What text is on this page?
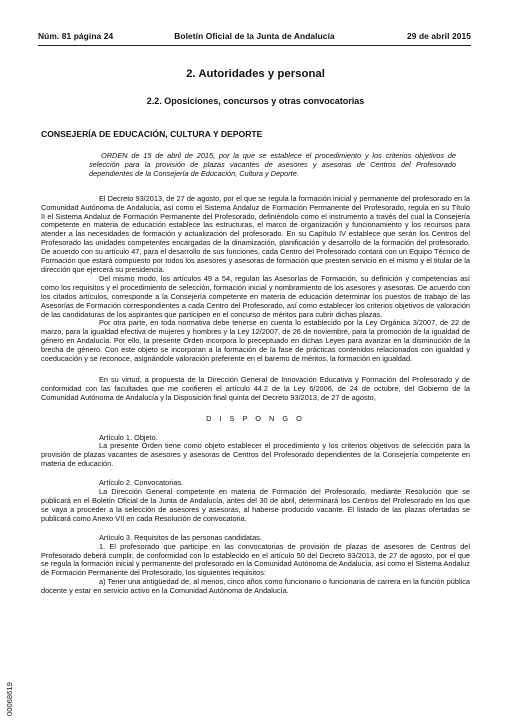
Núm. 81 página 24	Boletín Oficial de la Junta de Andalucía	29 de abril 2015
2. Autoridades y personal
2.2. Oposiciones, concursos y otras convocatorias
CONSEJERÍA DE EDUCACIÓN, CULTURA Y DEPORTE

ORDEN de 15 de abril de 2015, por la que se establece el procedimiento y los criterios objetivos de selección para la provisión de plazas vacantes de asesores y asesoras de Centros del Profesorado dependientes de la Consejería de Educación, Cultura y Deporte.

El Decreto 93/2013, de 27 de agosto, por el que se regula la formación inicial y permanente del profesorado en la Comunidad Autónoma de Andalucía, así como el Sistema Andaluz de Formación Permanente del Profesorado, regula en su Título II el Sistema Andaluz de Formación Permanente del Profesorado, definiéndolo como el instrumento a través del cual la Consejería competente en materia de educación establece las estructuras, el marco de organización y funcionamiento y los recursos para atender a las necesidades de formación y actualización del profesorado. En su Capítulo IV establece que serán los Centros del Profesorado las unidades competentes encargadas de la dinamización, planificación y desarrollo de la formación del profesorado. De acuerdo con su artículo 47, para el desarrollo de sus funciones, cada Centro del Profesorado contará con un Equipo Técnico de Formación que estará compuesto por todos los asesores y asesoras de formación que presten servicio en el mismo y el titular de la dirección que ejercerá su presidencia.

Del mismo modo, los artículos 49 a 54, regulan las Asesorías de Formación, su definición y competencias así como los requisitos y el procedimiento de selección, formación inicial y nombramiento de los asesores y asesoras. De acuerdo con los citados artículos, corresponde a la Consejería competente en materia de educación determinar los puestos de trabajo de las Asesorías de Formación correspondientes a cada Centro del Profesorado, así como establecer los criterios objetivos de valoración de las candidaturas de los aspirantes que participen en el concurso de méritos para cubrir dichas plazas.

Por otra parte, en toda normativa debe tenerse en cuenta lo establecido por la Ley Orgánica 3/2007, de 22 de marzo, para la igualdad efectiva de mujeres y hombres y la Ley 12/2007, de 26 de noviembre, para la promoción de la igualdad de género en Andalucía. Por ello, la presente Orden incorpora lo preceptuado en dichas Leyes para avanzar en la disminución de la brecha de género. Con este objeto se incorporan a la formación de la fase de prácticas contenidos relacionados con igualdad y coeducación y se reconoce, asignándole valoración preferente en el baremo de méritos, la formación en igualdad.

En su virtud, a propuesta de la Dirección General de Innovación Educativa y Formación del Profesorado y de conformidad con las facultades que me confieren el artículo 44.2 de la Ley 6/2006, de 24 de octubre, del Gobierno de la Comunidad Autónoma de Andalucía y la Disposición final quinta del Decreto 93/2013, de 27 de agosto,

D I S P O N G O

Artículo 1. Objeto.

La presente Orden tiene como objeto establecer el procedimiento y los criterios objetivos de selección para la provisión de plazas vacantes de asesores y asesoras de Centros del Profesorado dependientes de la Consejería competente en materia de educación.

Artículo 2. Convocatorias.

La Dirección General competente en materia de Formación del Profesorado, mediante Resolución que se publicará en el Boletín Oficial de la Junta de Andalucía, antes del 30 de abril, determinará los Centros del Profesorado en los que se vaya a proceder a la selección de asesores y asesoras, al haberse producido vacante. El listado de las plazas ofertadas se publicará como Anexo VII en cada Resolución de convocatoria.

Artículo 3. Requisitos de las personas candidatas.

1. El profesorado que participe en las convocatorias de provisión de plazas de asesores de Centros del Profesorado deberá cumplir, de conformidad con lo establecido en el artículo 50 del Decreto 93/2013, de 27 de agosto, por el que se regula la formación inicial y permanente del profesorado en la Comunidad Autónoma de Andalucía, así como el Sistema Andaluz de Formación Permanente del Profesorado, los siguientes requisitos:

a) Tener una antigüedad de, al menos, cinco años como funcionario o funcionaria de carrera en la función pública docente y estar en servicio activo en la Comunidad Autónoma de Andalucía.

00068619
